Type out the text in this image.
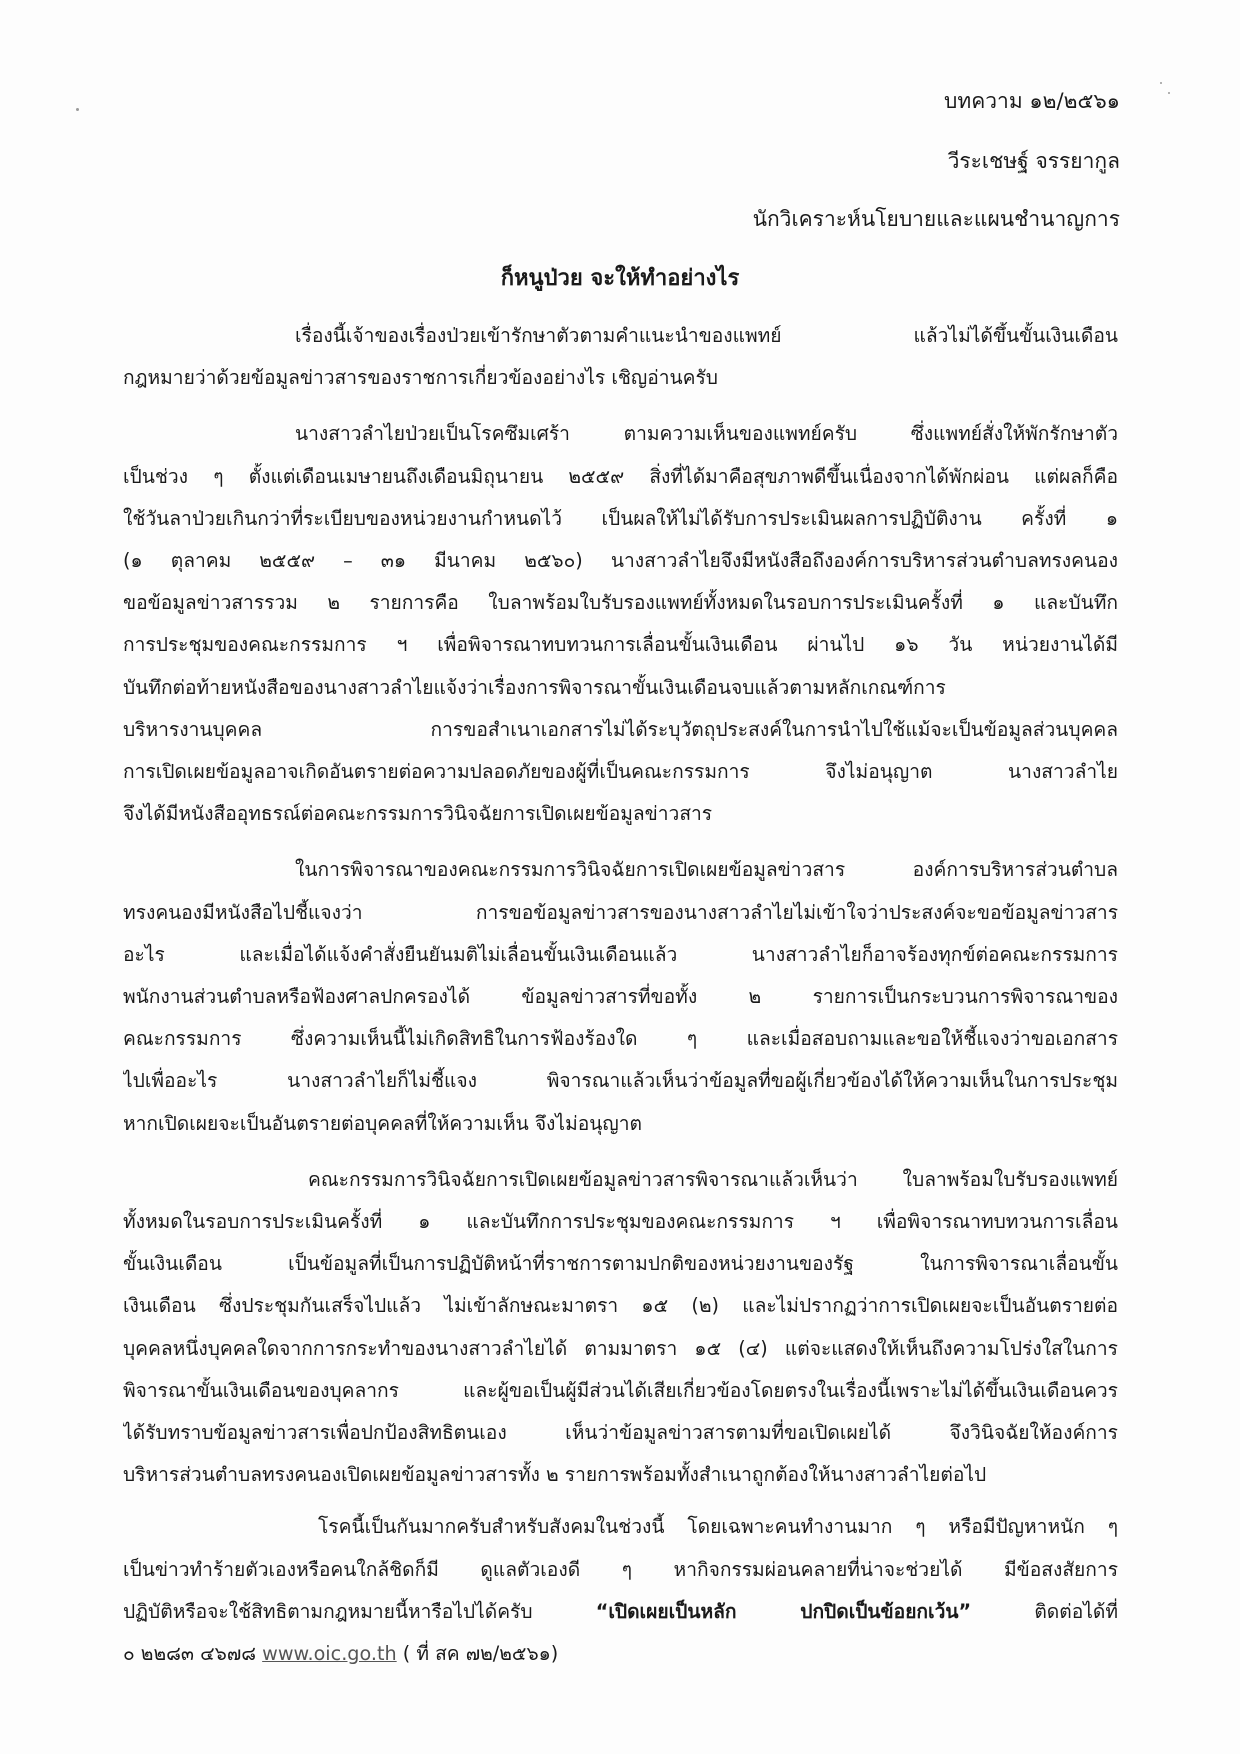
บทความ ๑๒/๒๕๖๑
วีระเชษฐ์ จรรยากูล
นักวิเคราะห์นโยบายและแผนชำนาญการ
ก็หนูป่วย จะให้ทำอย่างไร
เรื่องนี้เจ้าของเรื่องป่วยเข้ารักษาตัวตามคำแนะนำของแพทย์ แล้วไม่ได้ขึ้นขั้นเงินเดือน
กฎหมายว่าด้วยข้อมูลข่าวสารของราชการเกี่ยวข้องอย่างไร เชิญอ่านครับ
นางสาวลำไยป่วยเป็นโรคซึมเศร้า ตามความเห็นของแพทย์ครับ ซึ่งแพทย์สั่งให้พักรักษาตัว
เป็นช่วง ๆ ตั้งแต่เดือนเมษายนถึงเดือนมิถุนายน ๒๕๕๙ สิ่งที่ได้มาคือสุขภาพดีขึ้นเนื่องจากได้พักผ่อน แต่ผลก็คือ
ใช้วันลาป่วยเกินกว่าที่ระเบียบของหน่วยงานกำหนดไว้ เป็นผลให้ไม่ได้รับการประเมินผลการปฏิบัติงาน ครั้งที่ ๑
(๑ ตุลาคม ๒๕๕๙ – ๓๑ มีนาคม ๒๕๖๐) นางสาวลำไยจึงมีหนังสือถึงองค์การบริหารส่วนตำบลทรงคนอง
ขอข้อมูลข่าวสารรวม ๒ รายการคือ ใบลาพร้อมใบรับรองแพทย์ทั้งหมดในรอบการประเมินครั้งที่ ๑ และบันทึก
การประชุมของคณะกรรมการ ฯ เพื่อพิจารณาทบทวนการเลื่อนขั้นเงินเดือน ผ่านไป ๑๖ วัน หน่วยงานได้มี
บันทึกต่อท้ายหนังสือของนางสาวลำไยแจ้งว่าเรื่องการพิจารณาขั้นเงินเดือนจบแล้วตามหลักเกณฑ์การ
บริหารงานบุคคล การขอสำเนาเอกสารไม่ได้ระบุวัตถุประสงค์ในการนำไปใช้แม้จะเป็นข้อมูลส่วนบุคคล
การเปิดเผยข้อมูลอาจเกิดอันตรายต่อความปลอดภัยของผู้ที่เป็นคณะกรรมการ จึงไม่อนุญาต นางสาวลำไย
จึงได้มีหนังสืออุทธรณ์ต่อคณะกรรมการวินิจฉัยการเปิดเผยข้อมูลข่าวสาร
ในการพิจารณาของคณะกรรมการวินิจฉัยการเปิดเผยข้อมูลข่าวสาร องค์การบริหารส่วนตำบล
ทรงคนองมีหนังสือไปชี้แจงว่า การขอข้อมูลข่าวสารของนางสาวลำไยไม่เข้าใจว่าประสงค์จะขอข้อมูลข่าวสาร
อะไร และเมื่อได้แจ้งคำสั่งยืนยันมติไม่เลื่อนขั้นเงินเดือนแล้ว นางสาวลำไยก็อาจร้องทุกข์ต่อคณะกรรมการ
พนักงานส่วนตำบลหรือฟ้องศาลปกครองได้ ข้อมูลข่าวสารที่ขอทั้ง ๒ รายการเป็นกระบวนการพิจารณาของ
คณะกรรมการ ซึ่งความเห็นนี้ไม่เกิดสิทธิในการฟ้องร้องใด ๆ และเมื่อสอบถามและขอให้ชี้แจงว่าขอเอกสาร
ไปเพื่ออะไร นางสาวลำไยก็ไม่ชี้แจง พิจารณาแล้วเห็นว่าข้อมูลที่ขอผู้เกี่ยวข้องได้ให้ความเห็นในการประชุม
หากเปิดเผยจะเป็นอันตรายต่อบุคคลที่ให้ความเห็น จึงไม่อนุญาต
คณะกรรมการวินิจฉัยการเปิดเผยข้อมูลข่าวสารพิจารณาแล้วเห็นว่า ใบลาพร้อมใบรับรองแพทย์
ทั้งหมดในรอบการประเมินครั้งที่ ๑ และบันทึกการประชุมของคณะกรรมการ ฯ เพื่อพิจารณาทบทวนการเลื่อน
ขั้นเงินเดือน เป็นข้อมูลที่เป็นการปฏิบัติหน้าที่ราชการตามปกติของหน่วยงานของรัฐ ในการพิจารณาเลื่อนขั้น
เงินเดือน ซึ่งประชุมกันเสร็จไปแล้ว ไม่เข้าลักษณะมาตรา ๑๕ (๒) และไม่ปรากฏว่าการเปิดเผยจะเป็นอันตรายต่อ
บุคคลหนึ่งบุคคลใดจากการกระทำของนางสาวลำไยได้ ตามมาตรา ๑๕ (๔) แต่จะแสดงให้เห็นถึงความโปร่งใสในการ
พิจารณาขั้นเงินเดือนของบุคลากร และผู้ขอเป็นผู้มีส่วนได้เสียเกี่ยวข้องโดยตรงในเรื่องนี้เพราะไม่ได้ขึ้นเงินเดือนควร
ได้รับทราบข้อมูลข่าวสารเพื่อปกป้องสิทธิตนเอง เห็นว่าข้อมูลข่าวสารตามที่ขอเปิดเผยได้ จึงวินิจฉัยให้องค์การ
บริหารส่วนตำบลทรงคนองเปิดเผยข้อมูลข่าวสารทั้ง ๒ รายการพร้อมทั้งสำเนาถูกต้องให้นางสาวลำไยต่อไป
โรคนี้เป็นกันมากครับสำหรับสังคมในช่วงนี้ โดยเฉพาะคนทำงานมาก ๆ หรือมีปัญหาหนัก ๆ
เป็นข่าวทำร้ายตัวเองหรือคนใกล้ชิดก็มี ดูแลตัวเองดี ๆ หากิจกรรมผ่อนคลายที่น่าจะช่วยได้ มีข้อสงสัยการ
ปฏิบัติหรือจะใช้สิทธิตามกฎหมายนี้หารือไปได้ครับ “เปิดเผยเป็นหลัก ปกปิดเป็นข้อยกเว้น” ติดต่อได้ที่
๐ ๒๒๘๓ ๔๖๗๘ www.oic.go.th ( ที่ สค ๗๒/๒๕๖๑)
